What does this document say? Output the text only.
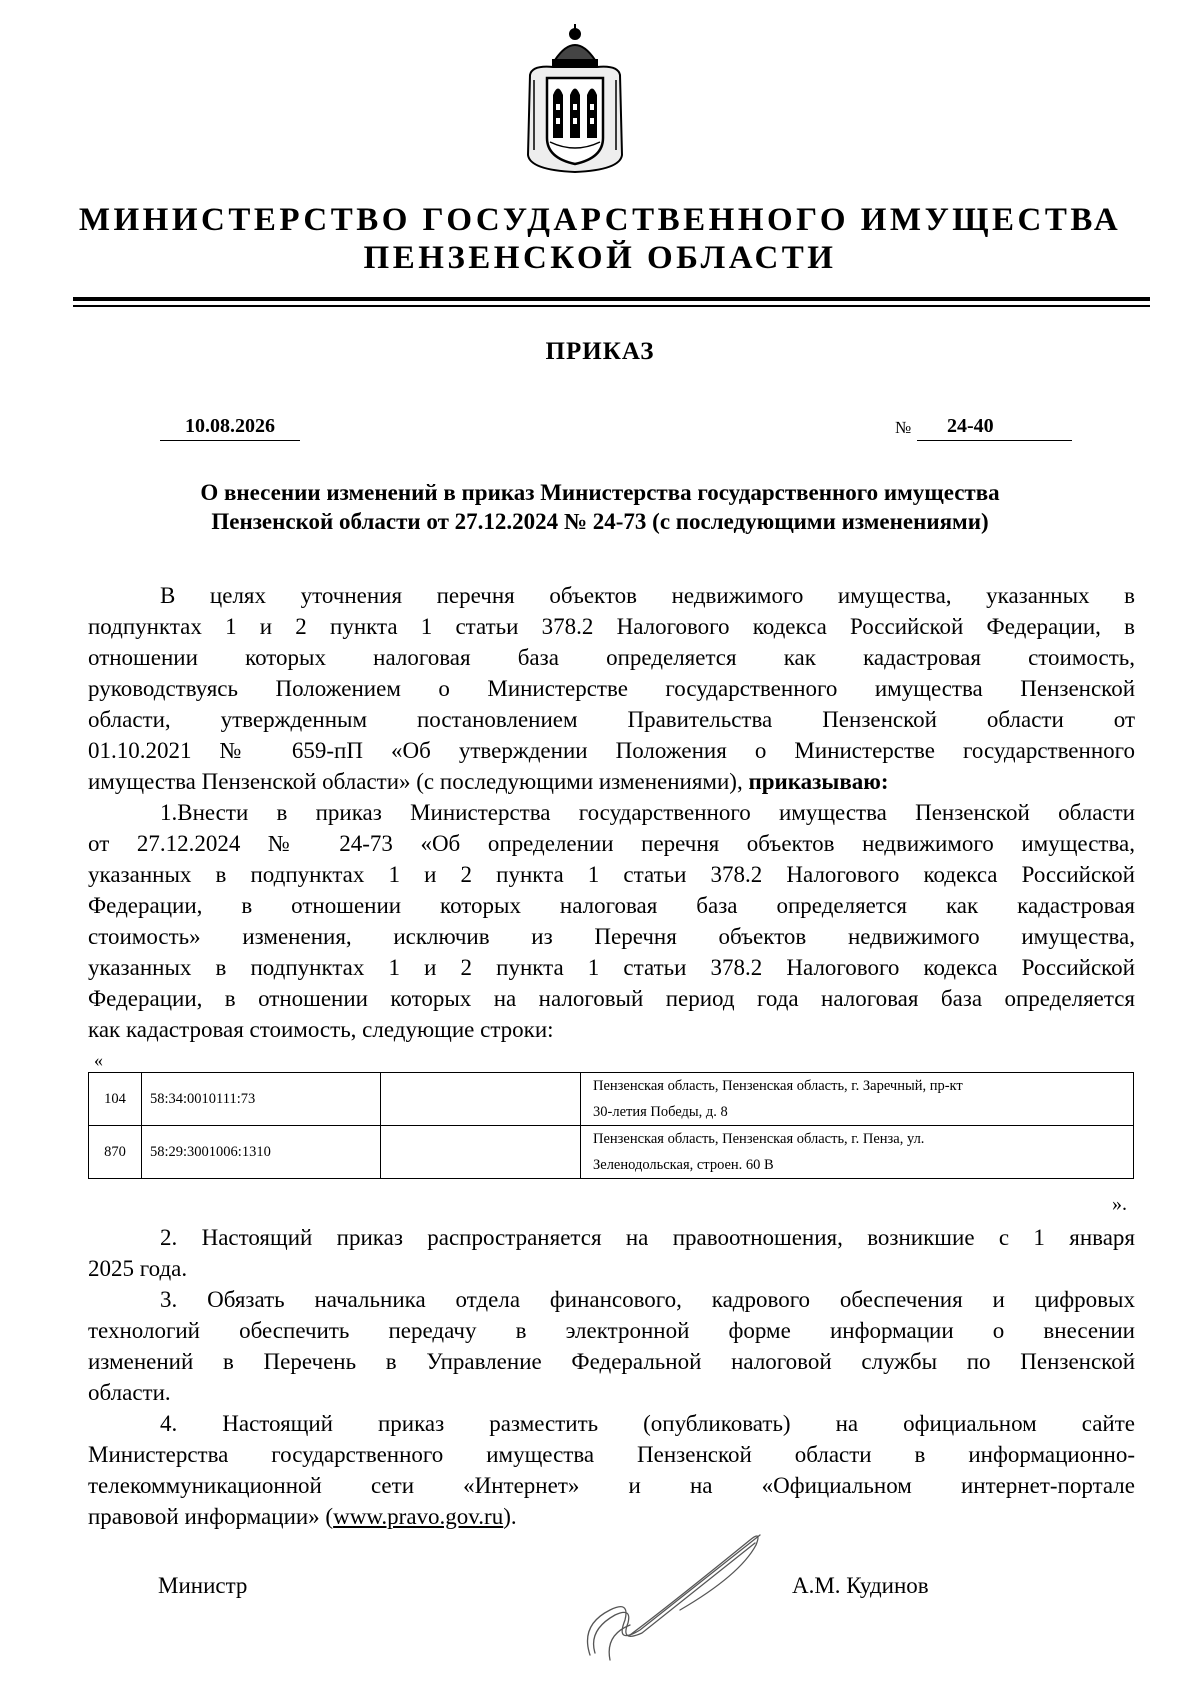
МИНИСТЕРСТВО ГОСУДАРСТВЕННОГО ИМУЩЕСТВА
ПЕНЗЕНСКОЙ ОБЛАСТИ
ПРИКАЗ
10.08.2026	№	24-40
О внесении изменений в приказ Министерства государственного имущества
Пензенской области от 27.12.2024 № 24-73 (с последующими изменениями)
В целях уточнения перечня объектов недвижимого имущества, указанных в
подпунктах 1 и 2 пункта 1 статьи 378.2 Налогового кодекса Российской Федерации, в
отношении которых налоговая база определяется как кадастровая стоимость,
руководствуясь Положением о Министерстве государственного имущества Пензенской
области, утвержденным постановлением Правительства Пензенской области от
01.10.2021 № 659-пП «Об утверждении Положения о Министерстве государственного
имущества Пензенской области» (с последующими изменениями), приказываю:
1.Внести в приказ Министерства государственного имущества Пензенской области
от 27.12.2024 № 24-73 «Об определении перечня объектов недвижимого имущества,
указанных в подпунктах 1 и 2 пункта 1 статьи 378.2 Налогового кодекса Российской
Федерации, в отношении которых налоговая база определяется как кадастровая
стоимость» изменения, исключив из Перечня объектов недвижимого имущества,
указанных в подпунктах 1 и 2 пункта 1 статьи 378.2 Налогового кодекса Российской
Федерации, в отношении которых на налоговый период года налоговая база определяется
как кадастровая стоимость, следующие строки:
«
104	58:34:0010111:73		Пензенская область, Пензенская область, г. Заречный, пр-кт
30-летия Победы, д. 8

870	58:29:3001006:1310		Пензенская область, Пензенская область, г. Пенза, ул.
Зеленодольская, строен. 60 В
».
2. Настоящий приказ распространяется на правоотношения, возникшие с 1 января
2025 года.
3. Обязать начальника отдела финансового, кадрового обеспечения и цифровых
технологий обеспечить передачу в электронной форме информации о внесении
изменений в Перечень в Управление Федеральной налоговой службы по Пензенской
области.
4. Настоящий приказ разместить (опубликовать) на официальном сайте
Министерства государственного имущества Пензенской области в информационно-
телекоммуникационной сети «Интернет» и на «Официальном интернет-портале
правовой информации» (www.pravo.gov.ru).
Министр	А.М. Кудинов
